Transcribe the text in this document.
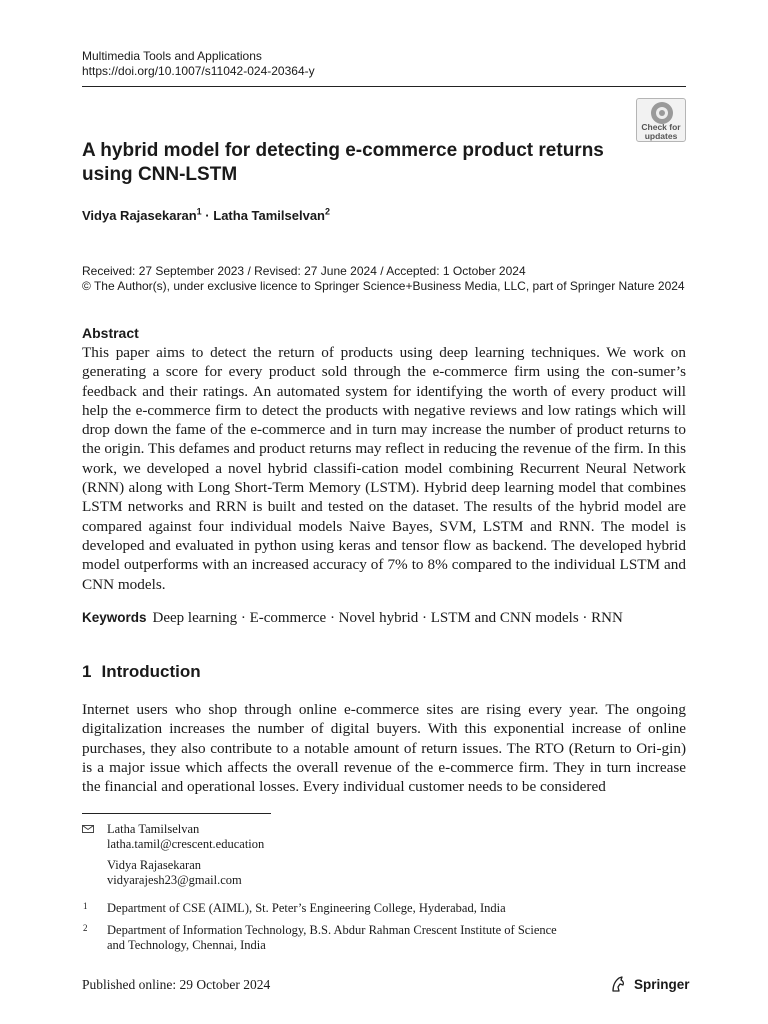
Multimedia Tools and Applications
https://doi.org/10.1007/s11042-024-20364-y
Check for
updates
A hybrid model for detecting e-commerce product returns
using CNN-LSTM
Vidya Rajasekaran$^1$ · Latha Tamilselvan$^2$
Received: 27 September 2023 / Revised: 27 June 2024 / Accepted: 1 October 2024
© The Author(s), under exclusive licence to Springer Science+Business Media, LLC, part of Springer Nature 2024
Abstract

This paper aims to detect the return of products using deep learning techniques. We work on generating a score for every product sold through the e-commerce firm using the con-sumer’s feedback and their ratings. An automated system for identifying the worth of every product will help the e-commerce firm to detect the products with negative reviews and low ratings which will drop down the fame of the e-commerce and in turn may increase the number of product returns to the origin. This defames and product returns may reflect in reducing the revenue of the firm. In this work, we developed a novel hybrid classifi-cation model combining Recurrent Neural Network (RNN) along with Long Short-Term Memory (LSTM). Hybrid deep learning model that combines LSTM networks and RRN is built and tested on the dataset. The results of the hybrid model are compared against four individual models Naive Bayes, SVM, LSTM and RNN. The model is developed and evaluated in python using keras and tensor flow as backend. The developed hybrid model outperforms with an increased accuracy of 7% to 8% compared to the individual LSTM and CNN models.

Keywords Deep learning · E-commerce · Novel hybrid · LSTM and CNN models · RNN
1 Introduction

Internet users who shop through online e-commerce sites are rising every year. The ongoing digitalization increases the number of digital buyers. With this exponential increase of online purchases, they also contribute to a notable amount of return issues. The RTO (Return to Ori-gin) is a major issue which affects the overall revenue of the e-commerce firm. They in turn increase the financial and operational losses. Every individual customer needs to be considered

Latha Tamilselvan
latha.tamil@crescent.education
Vidya Rajasekaran
vidyarajesh23@gmail.com
1 Department of CSE (AIML), St. Peter’s Engineering College, Hyderabad, India
2 Department of Information Technology, B.S. Abdur Rahman Crescent Institute of Science
and Technology, Chennai, India
Published online: 29 October 2024	Springer
